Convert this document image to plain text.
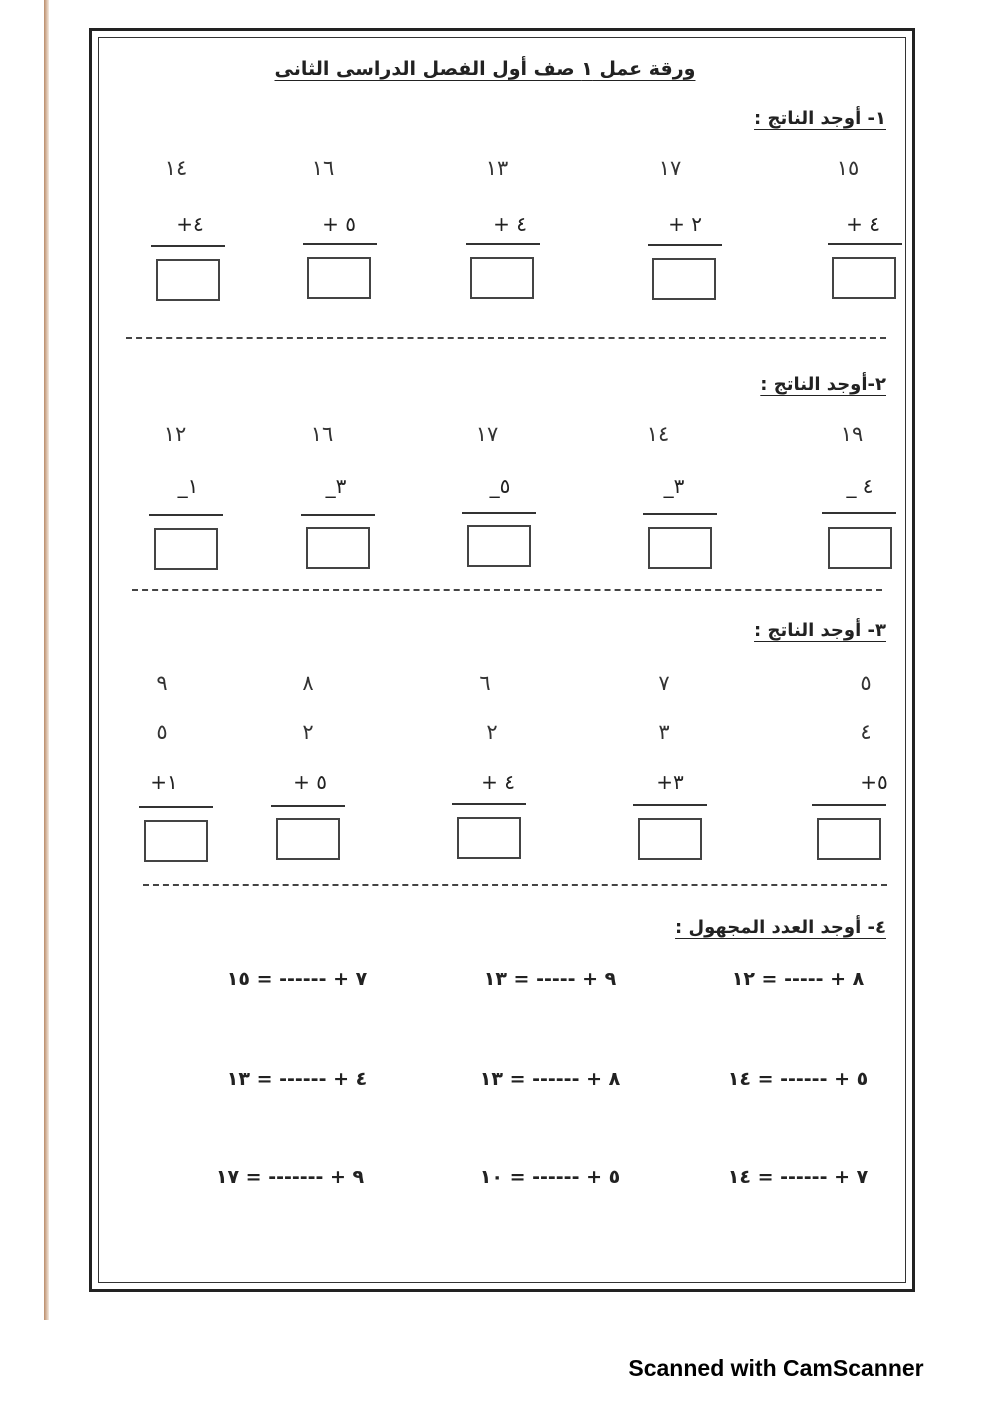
ورقة عمل ١ صف أول الفصل الدراسى الثانى
١- أوجد الناتج :
١٥
+ ٤
١٧
+ ٢
١٣
+ ٤
١٦
+ ٥
١٤
+٤
٢-أوجد الناتج :
١٩
_ ٤
١٤
_٣
١٧
_٥
١٦
_٣
١٢
_١
٣- أوجد الناتج :
٥
٤
+٥
٧
٣
+٣
٦
٢
+ ٤
٨
٢
+ ٥
٩
٥
+١
٤- أوجد العدد المجهول :
٨ + ----- = ١٢
٩ + ----- = ١٣
٧ + ------ = ١٥
٥ + ------ = ١٤
٨ + ------ = ١٣
٤ + ------ = ١٣
٧ + ------ = ١٤
٥ + ------ = ١٠
٩ + ------- = ١٧
Scanned with CamScanner
